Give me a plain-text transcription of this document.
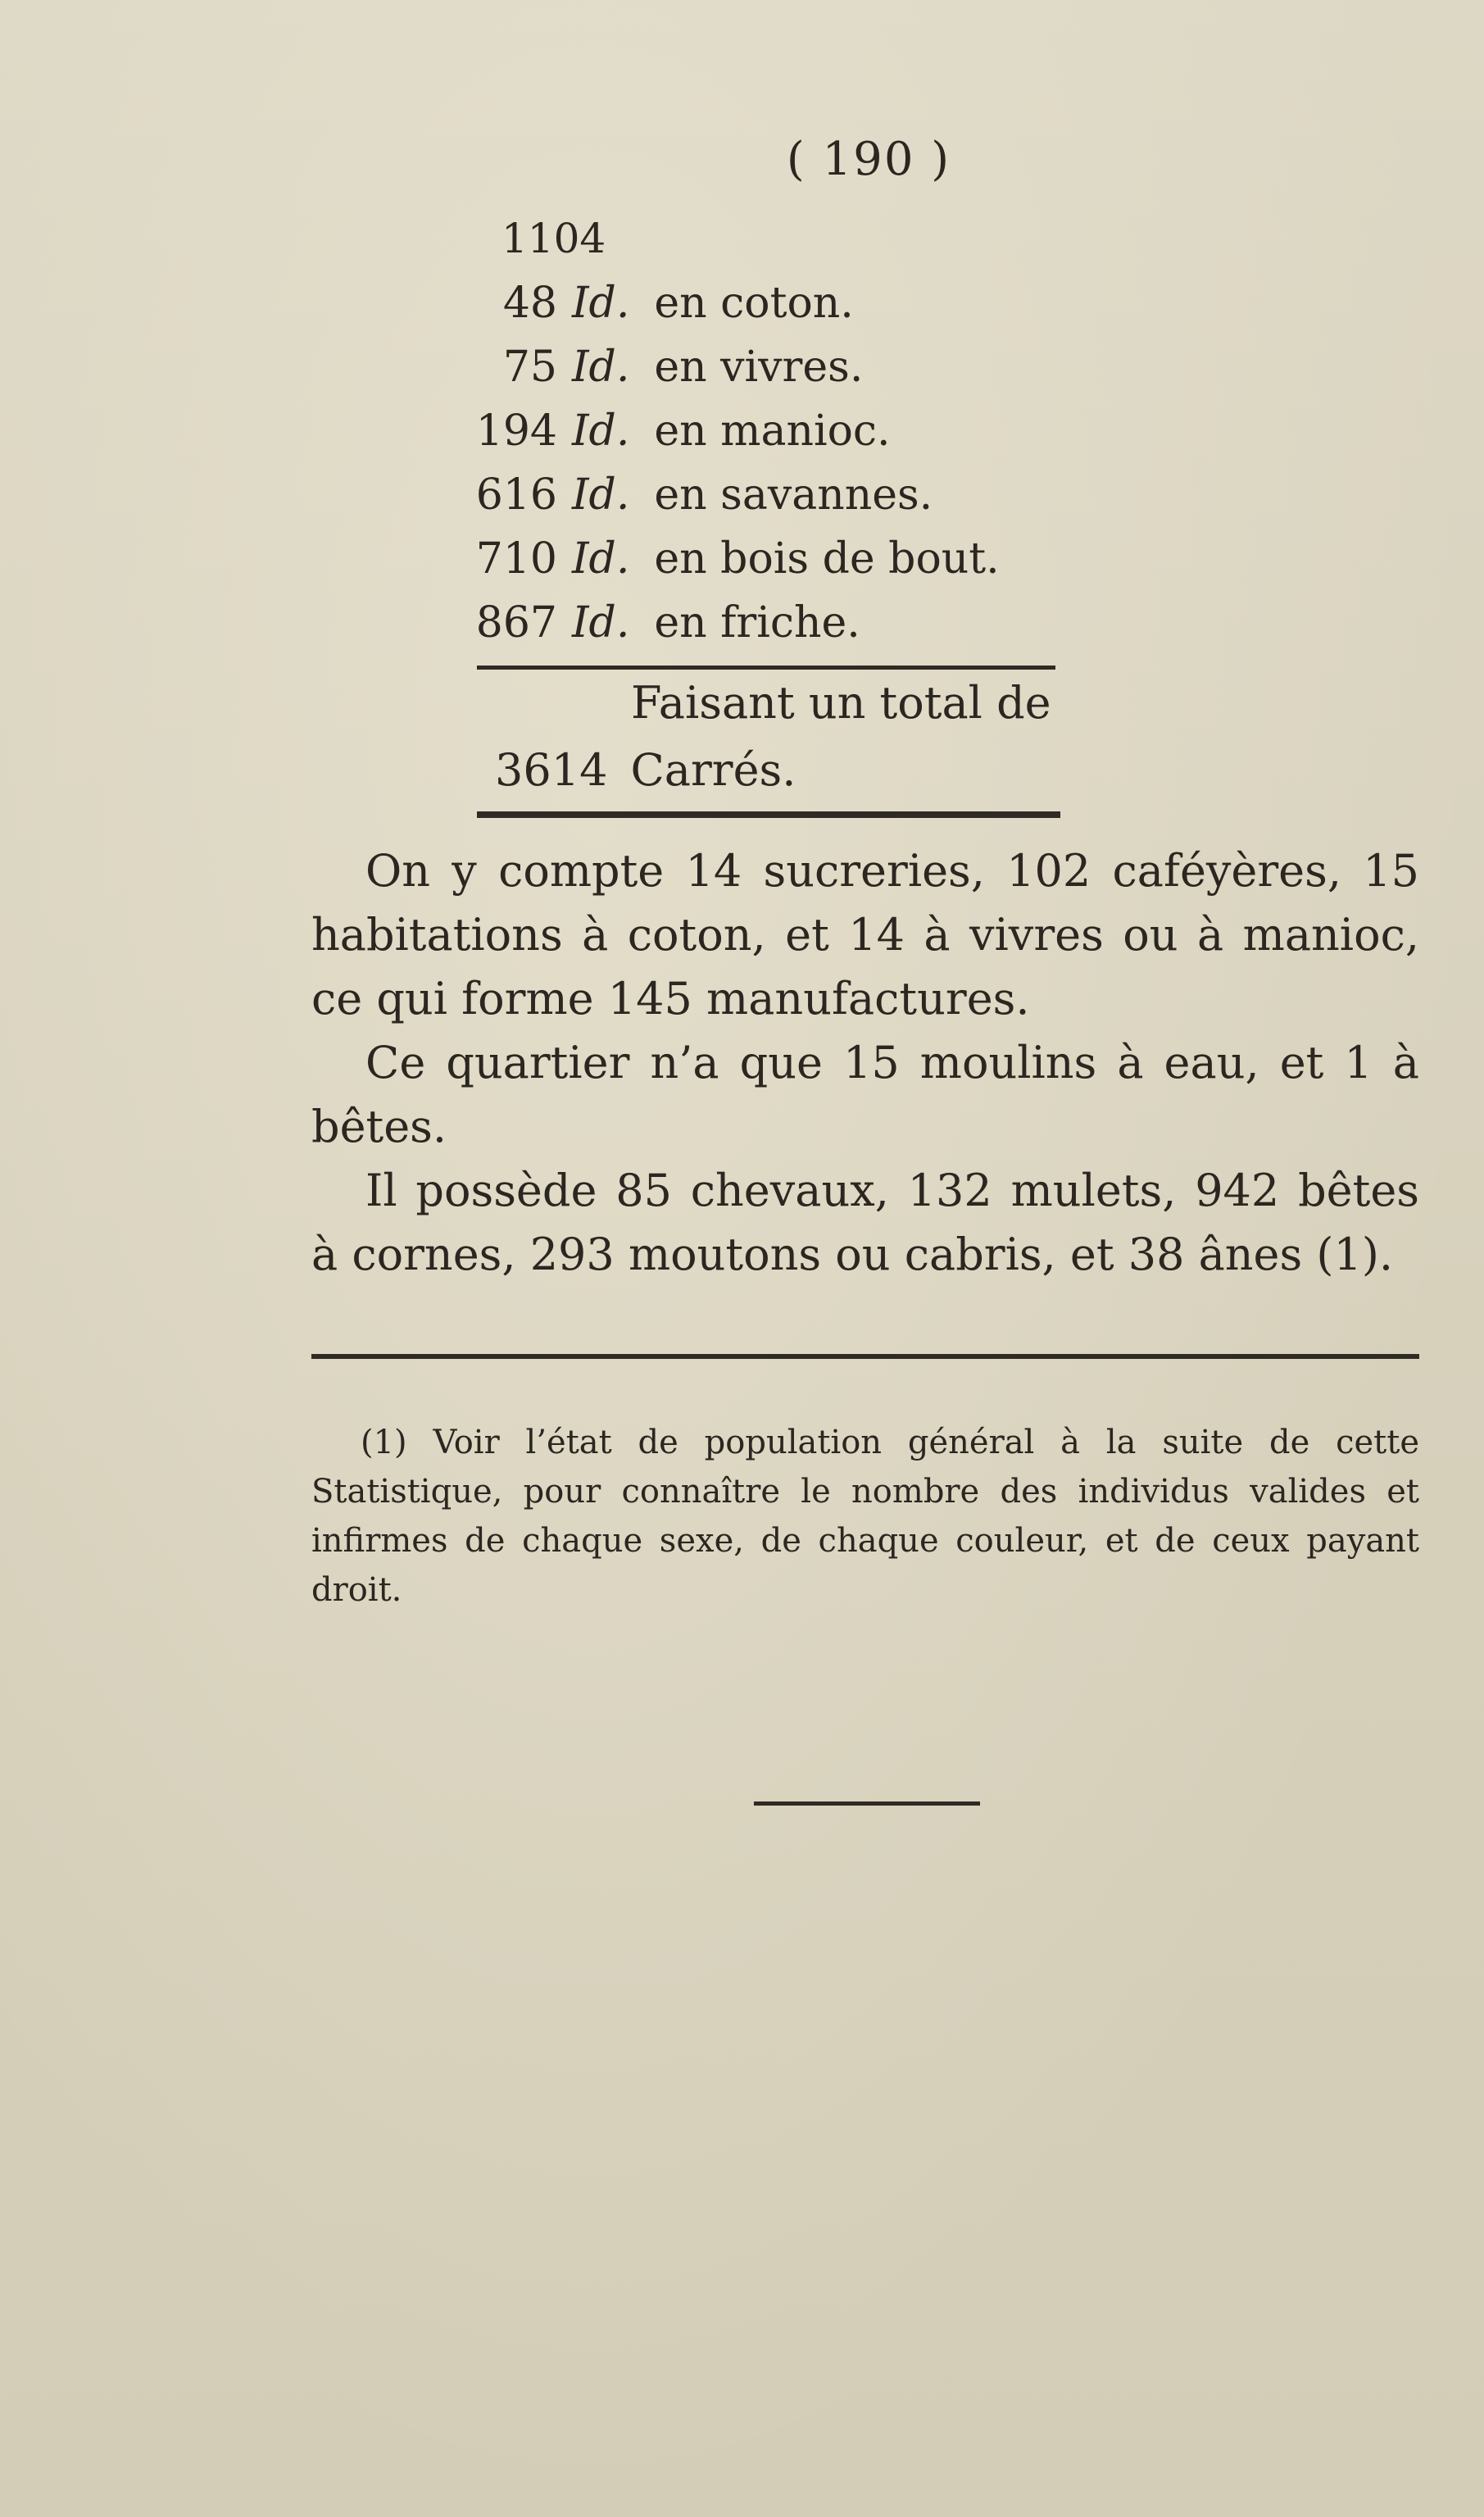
( 190 )
1104
48 Id. en coton.
75 Id. en vivres.
194 Id. en manioc.
616 Id. en savannes.
710 Id. en bois de bout.
867 Id. en friche.
Faisant un total de
3614 Carrés.

On y compte 14 sucreries, 102 caféyères, 15 habitations à coton, et 14 à vivres ou à manioc, ce qui forme 145 manufactures.

Ce quartier n’a que 15 moulins à eau, et 1 à bêtes.

Il possède 85 chevaux, 132 mulets, 942 bêtes à cornes, 293 moutons ou cabris, et 38 ânes (1).

(1) Voir l’état de population général à la suite de cette Statistique, pour connaître le nombre des individus valides et infirmes de chaque sexe, de chaque couleur, et de ceux payant droit.
